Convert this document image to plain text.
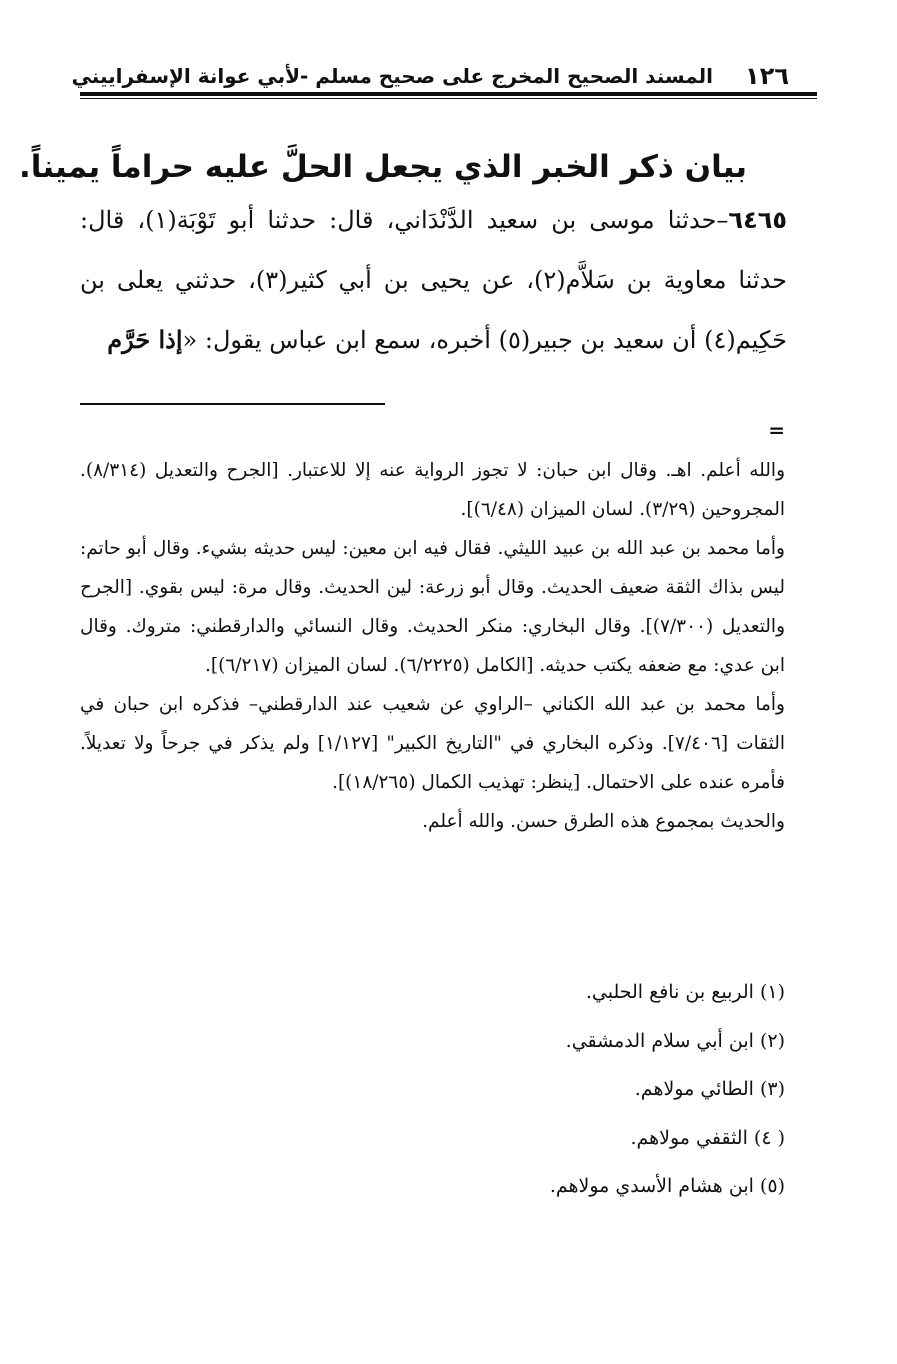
١٢٦
المسند الصحيح المخرج على صحيح مسلم -لأبي عوانة الإسفراييني
بيان ذكر الخبر الذي يجعل الحلَّ عليه حراماً يميناً.

٦٤٦٥–حدثنا موسى بن سعيد الدَّنْدَاني، قال: حدثنا أبو تَوْبَة(١)، قال: حدثنا معاوية بن سَلاَّم(٢)، عن يحيى بن أبي كثير(٣)، حدثني يعلى بن حَكِيم(٤) أن سعيد بن جبير(٥) أخبره، سمع ابن عباس يقول: «إذا حَرَّم

=

والله أعلم. اهـ. وقال ابن حبان: لا تجوز الرواية عنه إلا للاعتبار. [الجرح والتعديل (٨/٣١٤). المجروحين (٣/٢٩). لسان الميزان (٦/٤٨)].

وأما محمد بن عبد الله بن عبيد الليثي. فقال فيه ابن معين: ليس حديثه بشيء. وقال أبو حاتم: ليس بذاك الثقة ضعيف الحديث. وقال أبو زرعة: لين الحديث. وقال مرة: ليس بقوي. [الجرح والتعديل (٧/٣٠٠)]. وقال البخاري: منكر الحديث. وقال النسائي والدارقطني: متروك. وقال ابن عدي: مع ضعفه يكتب حديثه. [الكامل (٦/٢٢٢٥). لسان الميزان (٦/٢١٧)].

وأما محمد بن عبد الله الكناني –الراوي عن شعيب عند الدارقطني– فذكره ابن حبان في الثقات [٧/٤٠٦]. وذكره البخاري في "التاريخ الكبير" [١/١٢٧] ولم يذكر في جرحاً ولا تعديلاً. فأمره عنده على الاحتمال. [ينظر: تهذيب الكمال (١٨/٢٦٥)].

والحديث بمجموع هذه الطرق حسن. والله أعلم.

(١) الربيع بن نافع الحلبي.
(٢) ابن أبي سلام الدمشقي.
(٣) الطائي مولاهم.
( ٤) الثقفي مولاهم.
(٥) ابن هشام الأسدي مولاهم.
